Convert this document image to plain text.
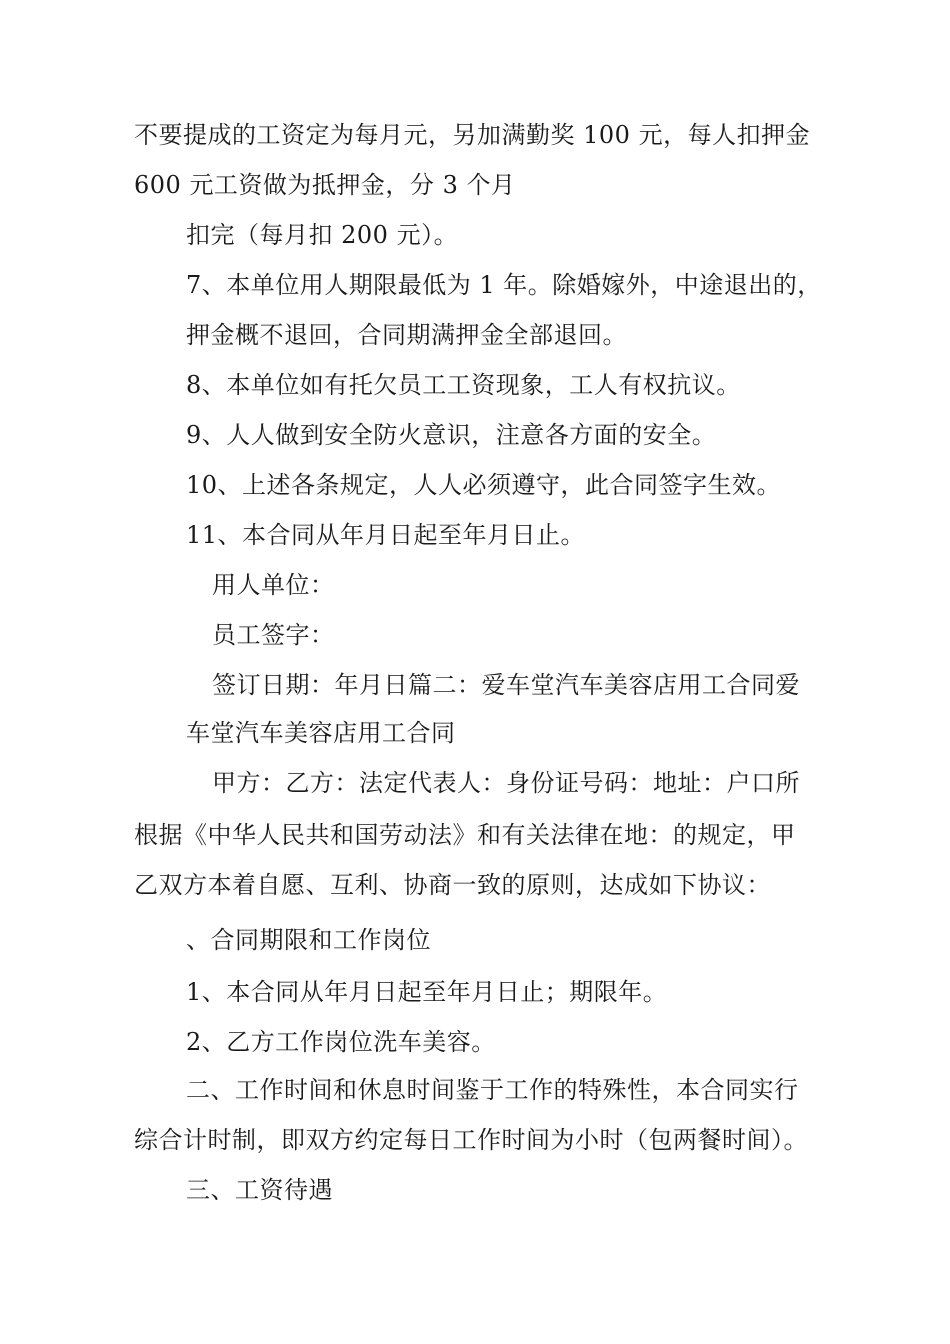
不要提成的工资定为每月元，另加满勤奖 100 元，每人扣押金
600 元工资做为抵押金，分 3 个月
扣完（每月扣 200 元）。
7、本单位用人期限最低为 1 年。除婚嫁外，中途退出的，
押金概不退回，合同期满押金全部退回。
8、本单位如有托欠员工工资现象，工人有权抗议。
9、人人做到安全防火意识，注意各方面的安全。
10、上述各条规定，人人必须遵守，此合同签字生效。
11、本合同从年月日起至年月日止。
用人单位：
员工签字：
签订日期：年月日篇二：爱车堂汽车美容店用工合同爱
车堂汽车美容店用工合同
甲方：乙方：法定代表人：身份证号码：地址：户口所
根据《中华人民共和国劳动法》和有关法律在地：的规定，甲
乙双方本着自愿、互利、协商一致的原则，达成如下协议：
、合同期限和工作岗位
1、本合同从年月日起至年月日止；期限年。
2、乙方工作岗位洗车美容。
二、工作时间和休息时间鉴于工作的特殊性，本合同实行
综合计时制，即双方约定每日工作时间为小时（包两餐时间）。
三、工资待遇
